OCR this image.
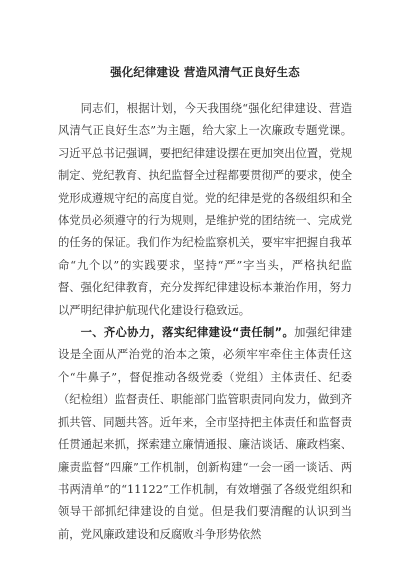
强化纪律建设 营造风清气正良好生态

同志们，根据计划，今天我围绕“强化纪律建设、营造风清气正良好生态”为主题，给大家上一次廉政专题党课。习近平总书记强调，要把纪律建设摆在更加突出位置，党规制定、党纪教育、执纪监督全过程都要贯彻严的要求，使全党形成遵规守纪的高度自觉。党的纪律是党的各级组织和全体党员必须遵守的行为规则，是维护党的团结统一、完成党的任务的保证。我们作为纪检监察机关，要牢牢把握自我革命“九个以”的实践要求，坚持“严”字当头，严格执纪监督、强化纪律教育，充分发挥纪律建设标本兼治作用，努力以严明纪律护航现代化建设行稳致远。

一、齐心协力，落实纪律建设“责任制”。加强纪律建设是全面从严治党的治本之策，必须牢牢牵住主体责任这个“牛鼻子”，督促推动各级党委（党组）主体责任、纪委（纪检组）监督责任、职能部门监管职责同向发力，做到齐抓共管、同题共答。近年来，全市坚持把主体责任和监督责任贯通起来抓，探索建立廉情通报、廉洁谈话、廉政档案、廉责监督“四廉”工作机制，创新构建“一会一函一谈话、两书两清单”的“11122”工作机制，有效增强了各级党组织和领导干部抓纪律建设的自觉。但是我们要清醒的认识到当前，党风廉政建设和反腐败斗争形势依然
